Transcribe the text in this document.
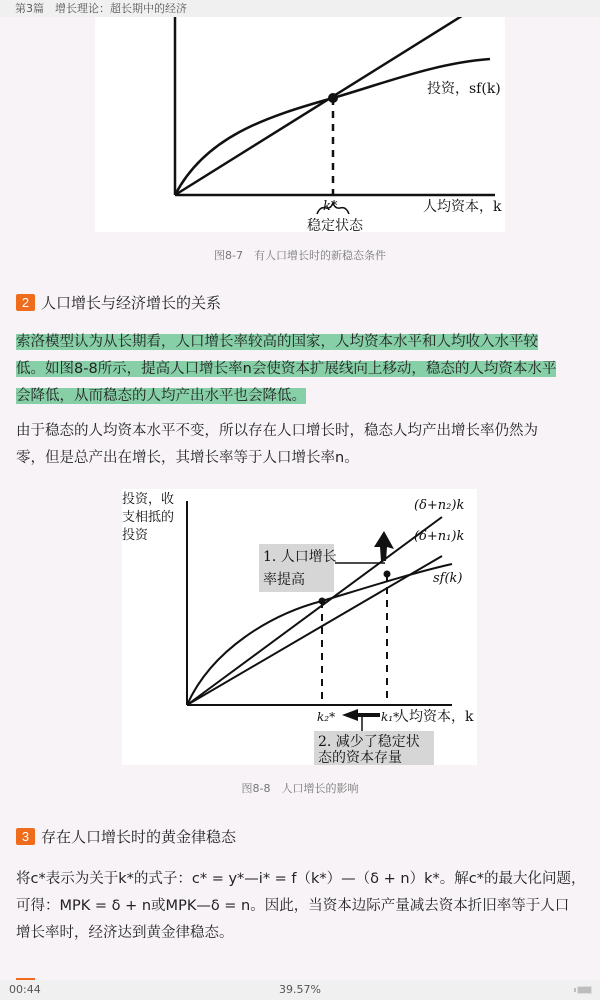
第3篇　增长理论：超长期中的经济
投资，sf(k)
k*	人均资本，k
稳定状态
图8-7　有人口增长时的新稳态条件
2 人口增长与经济增长的关系
索洛模型认为从长期看，人口增长率较高的国家，人均资本水平和人均收入水平较
低。如图8-8所示，提高人口增长率n会使资本扩展线向上移动，稳态的人均资本水平
会降低，从而稳态的人均产出水平也会降低。
由于稳态的人均资本水平不变，所以存在人口增长时，稳态人均产出增长率仍然为
零，但是总产出在增长，其增长率等于人口增长率n。
投资，收 支相抵的 投资
(δ+n₂)k
(δ+n₁)k
sf(k)
1. 人口增长 率提高
2. 减少了稳定状 态的资本存量
k₂*	k₁*
人均资本，k
图8-8　人口增长的影响
3 存在人口增长时的黄金律稳态
将c*表示为关于k*的式子：c* = y*—i* = f（k*）—（δ + n）k*。解c*的最大化问题，
可得：MPK = δ + n或MPK—δ = n。因此，当资本边际产量减去资本折旧率等于人口
增长率时，经济达到黄金律稳态。
00:44	39.57%
